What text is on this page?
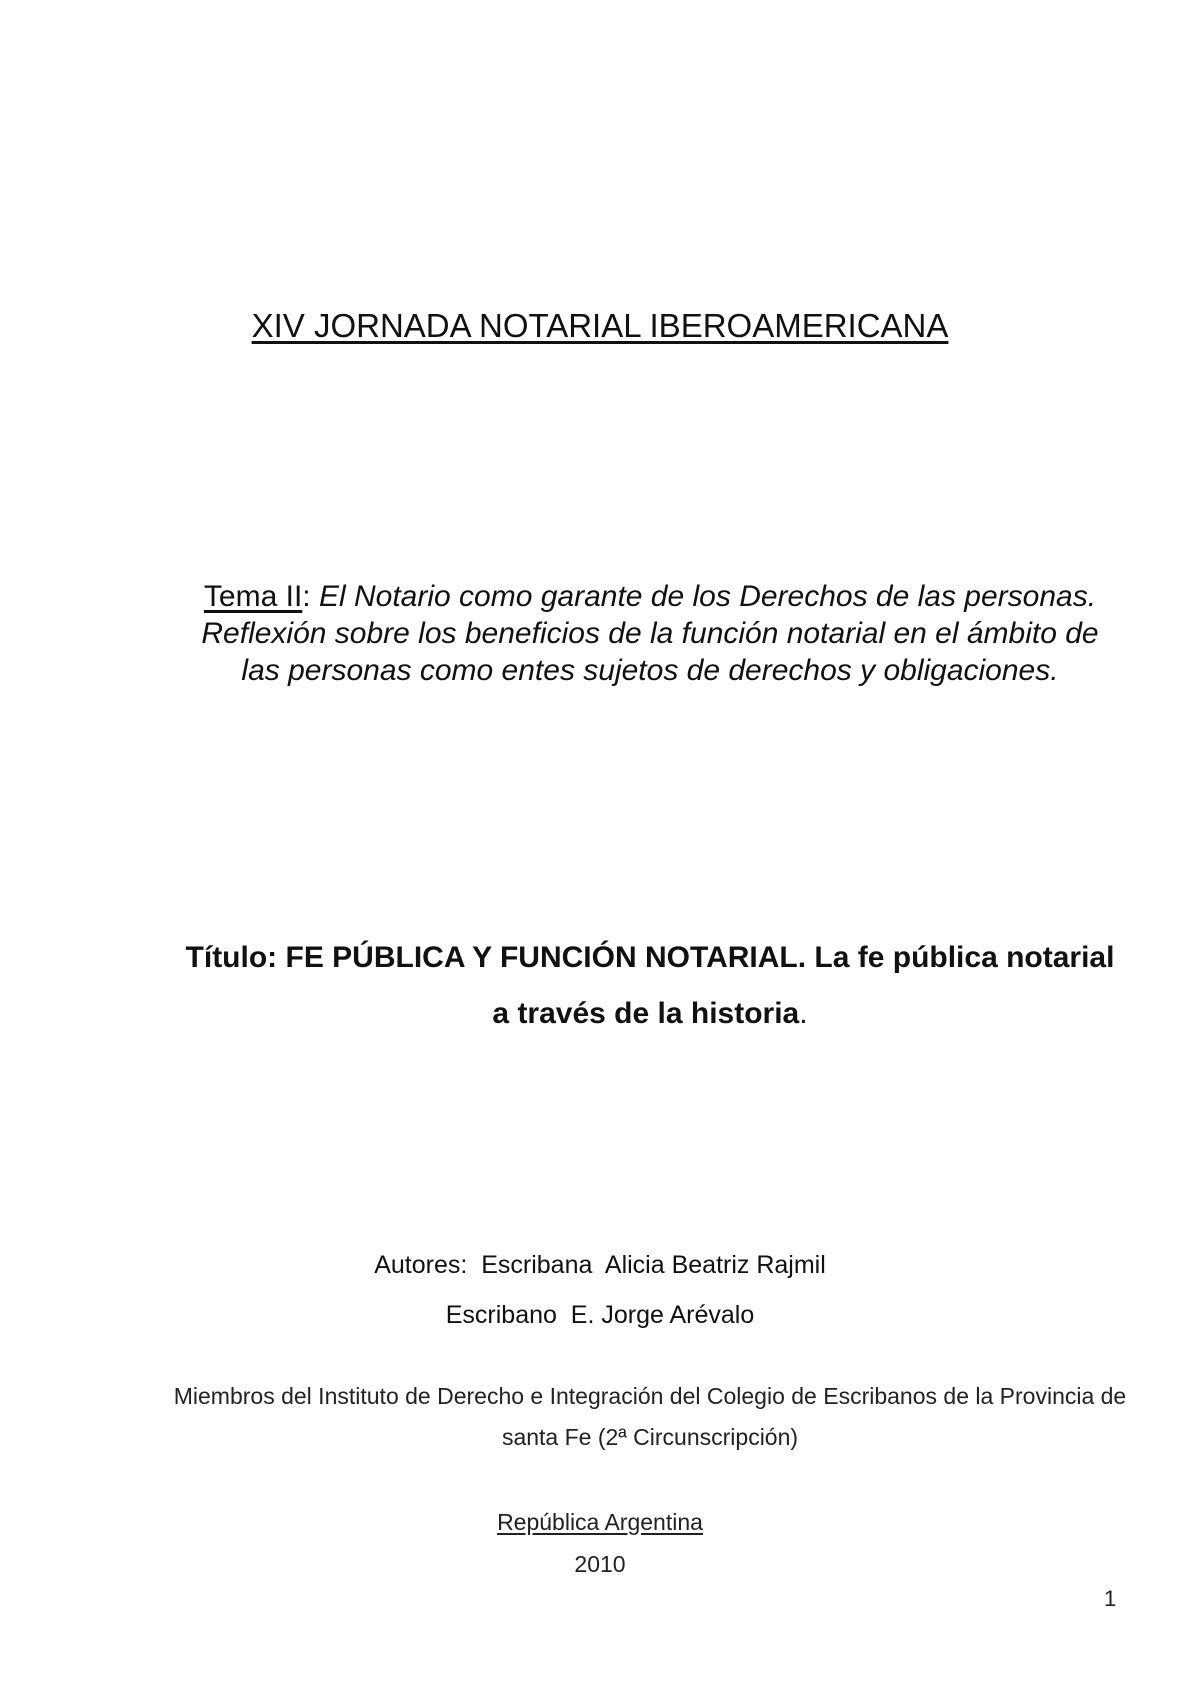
XIV JORNADA NOTARIAL IBEROAMERICANA
Tema II: El Notario como garante de los Derechos de las personas. Reflexión sobre los beneficios de la función notarial en el ámbito de las personas como entes sujetos de derechos y obligaciones.
Título: FE PÚBLICA Y FUNCIÓN NOTARIAL. La fe pública notarial a través de la historia.
Autores:  Escribana  Alicia Beatriz Rajmil
Escribano  E. Jorge Arévalo
Miembros del Instituto de Derecho e Integración del Colegio de Escribanos de la Provincia de santa Fe (2ª Circunscripción)
República Argentina
2010
1
